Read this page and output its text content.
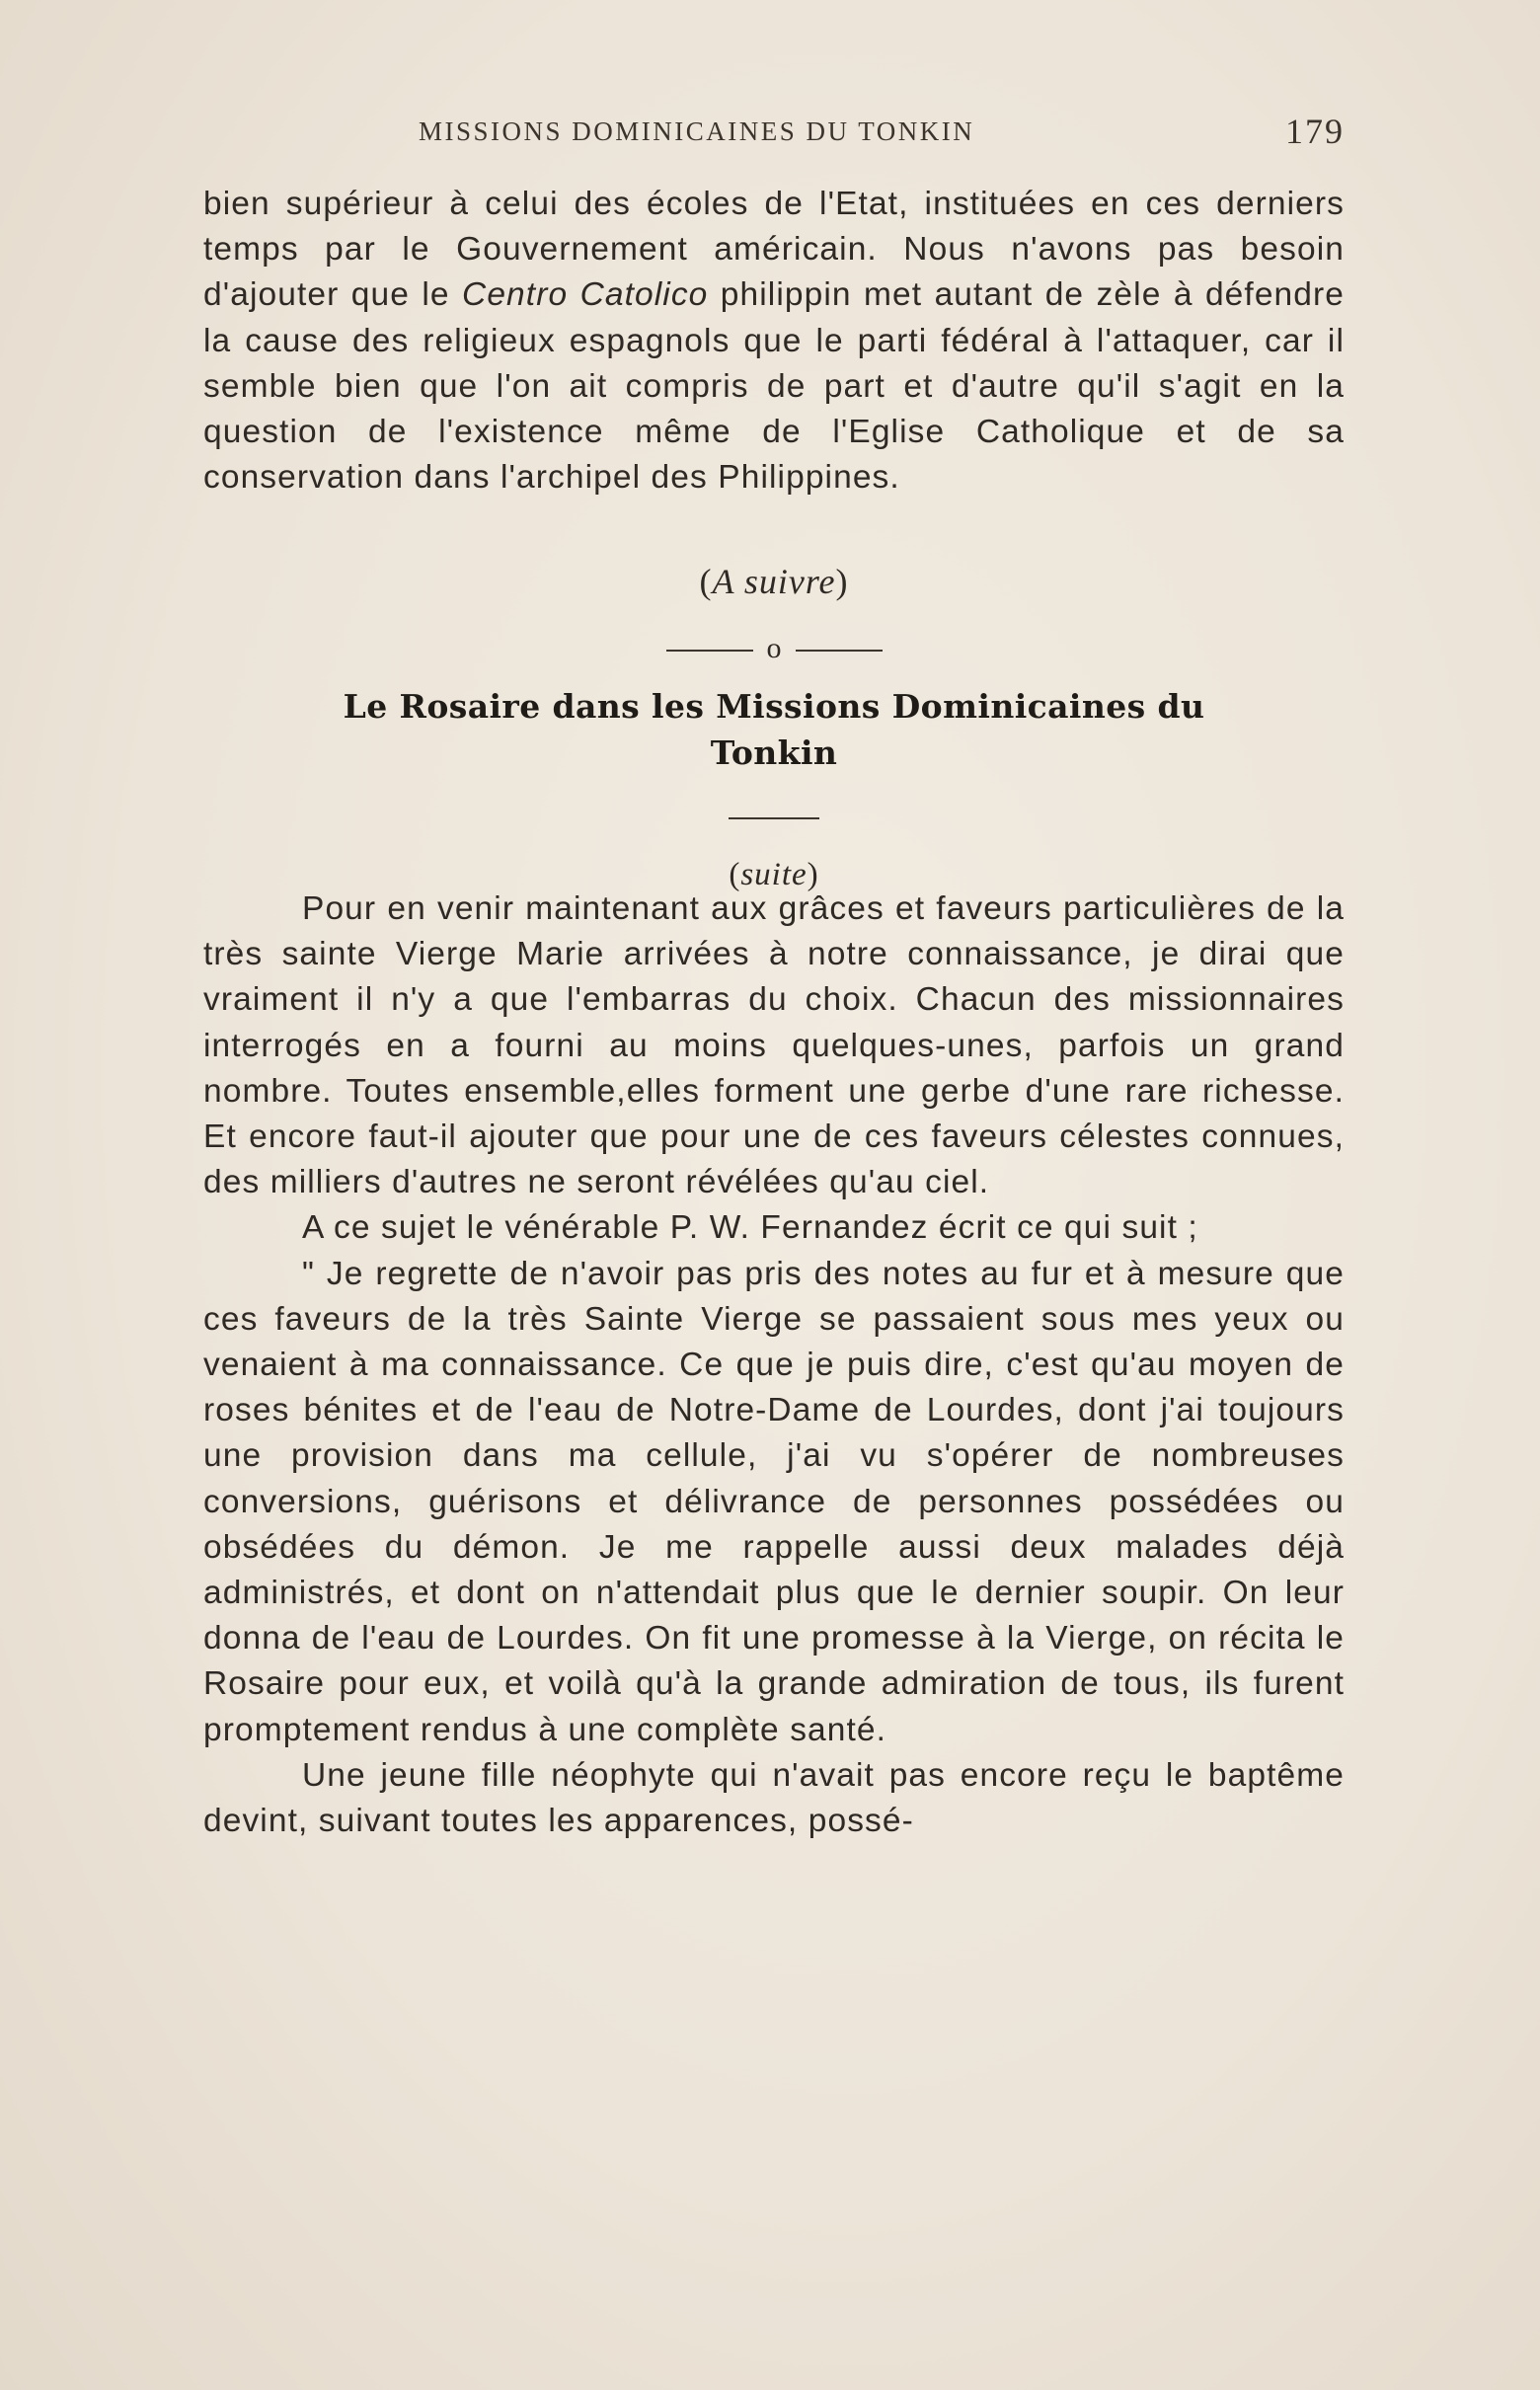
MISSIONS DOMINICAINES DU TONKIN	179

bien supérieur à celui des écoles de l'Etat, instituées en ces derniers temps par le Gouvernement américain. Nous n'avons pas besoin d'ajouter que le Centro Catolico philippin met autant de zèle à défendre la cause des religieux espagnols que le parti fédéral à l'attaquer, car il semble bien que l'on ait compris de part et d'autre qu'il s'agit en la question de l'existence même de l'Eglise Catholique et de sa conservation dans l'archipel des Philippines.

(A suivre)
o
Le Rosaire dans les Missions Dominicaines du
Tonkin
(suite)

Pour en venir maintenant aux grâces et faveurs particulières de la très sainte Vierge Marie arrivées à notre connaissance, je dirai que vraiment il n'y a que l'embarras du choix. Chacun des missionnaires interrogés en a fourni au moins quelques-unes, parfois un grand nombre. Toutes ensemble,elles forment une gerbe d'une rare richesse. Et encore faut-il ajouter que pour une de ces faveurs célestes connues, des milliers d'autres ne seront révélées qu'au ciel.

A ce sujet le vénérable P. W. Fernandez écrit ce qui suit ;

" Je regrette de n'avoir pas pris des notes au fur et à mesure que ces faveurs de la très Sainte Vierge se passaient sous mes yeux ou venaient à ma connaissance. Ce que je puis dire, c'est qu'au moyen de roses bénites et de l'eau de Notre-Dame de Lourdes, dont j'ai toujours une provision dans ma cellule, j'ai vu s'opérer de nombreuses conversions, guérisons et délivrance de personnes possédées ou obsédées du démon. Je me rappelle aussi deux malades déjà administrés, et dont on n'attendait plus que le dernier soupir. On leur donna de l'eau de Lourdes. On fit une promesse à la Vierge, on récita le Rosaire pour eux, et voilà qu'à la grande admiration de tous, ils furent promptement rendus à une complète santé.

Une jeune fille néophyte qui n'avait pas encore reçu le baptême devint, suivant toutes les apparences, possé-
